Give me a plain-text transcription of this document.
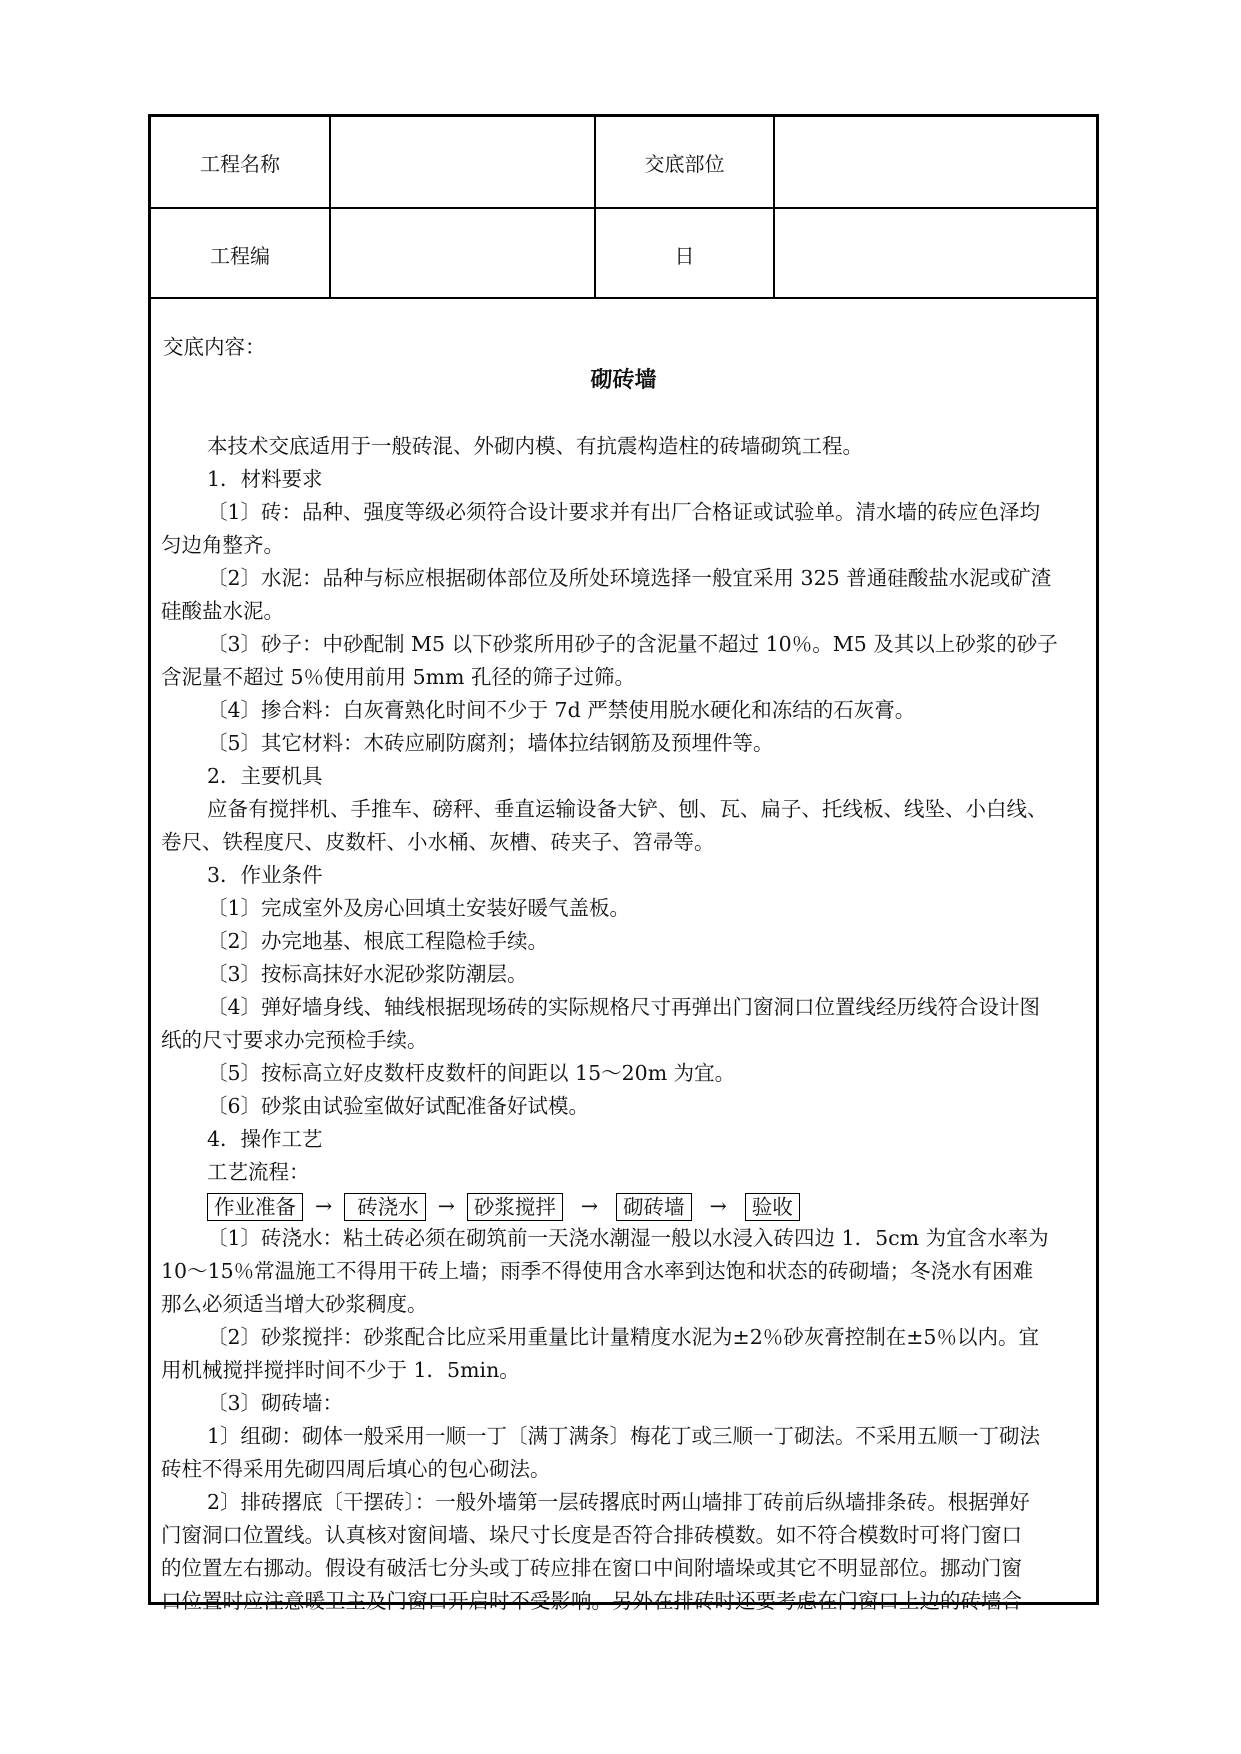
工程名称	交底部位
工程编	日
交底内容：
砌砖墙
本技术交底适用于一般砖混、外砌内模、有抗震构造柱的砖墙砌筑工程。
1．材料要求
〔1〕砖：品种、强度等级必须符合设计要求并有出厂合格证或试验单。清水墙的砖应色泽均
匀边角整齐。
〔2〕水泥：品种与标应根据砌体部位及所处环境选择一般宜采用 325 普通硅酸盐水泥或矿渣
硅酸盐水泥。
〔3〕砂子：中砂配制 M5 以下砂浆所用砂子的含泥量不超过 10％。M5 及其以上砂浆的砂子
含泥量不超过 5％使用前用 5mm 孔径的筛子过筛。
〔4〕掺合料：白灰膏熟化时间不少于 7d 严禁使用脱水硬化和冻结的石灰膏。
〔5〕其它材料：木砖应刷防腐剂；墙体拉结钢筋及预埋件等。
2．主要机具
应备有搅拌机、手推车、磅秤、垂直运输设备大铲、刨、瓦、扁子、托线板、线坠、小白线、
卷尺、铁程度尺、皮数杆、小水桶、灰槽、砖夹子、笤帚等。
3．作业条件
〔1〕完成室外及房心回填土安装好暖气盖板。
〔2〕办完地基、根底工程隐检手续。
〔3〕按标高抹好水泥砂浆防潮层。
〔4〕弹好墙身线、轴线根据现场砖的实际规格尺寸再弹出门窗洞口位置线经历线符合设计图
纸的尺寸要求办完预检手续。
〔5〕按标高立好皮数杆皮数杆的间距以 15～20m 为宜。
〔6〕砂浆由试验室做好试配准备好试模。
4．操作工艺
工艺流程：
作业准备 →	砖浇水 → 砂浆搅拌	→	砌砖墙	→	验收
〔1〕砖浇水：粘土砖必须在砌筑前一天浇水潮湿一般以水浸入砖四边 1．5cm 为宜含水率为
10～15％常温施工不得用干砖上墙；雨季不得使用含水率到达饱和状态的砖砌墙；冬浇水有困难
那么必须适当增大砂浆稠度。
〔2〕砂浆搅拌：砂浆配合比应采用重量比计量精度水泥为±2％砂灰膏控制在±5％以内。宜
用机械搅拌搅拌时间不少于 1．5min。
〔3〕砌砖墙：
1〕组砌：砌体一般采用一顺一丁〔满丁满条〕梅花丁或三顺一丁砌法。不采用五顺一丁砌法
砖柱不得采用先砌四周后填心的包心砌法。
2〕排砖撂底〔干摆砖〕：一般外墙第一层砖撂底时两山墙排丁砖前后纵墙排条砖。根据弹好
门窗洞口位置线。认真核对窗间墙、垛尺寸长度是否符合排砖模数。如不符合模数时可将门窗口
的位置左右挪动。假设有破活七分头或丁砖应排在窗口中间附墙垛或其它不明显部位。挪动门窗
口位置时应注意暖卫主及门窗口开启时不受影响。另外在排砖时还要考虑在门窗口上边的砖墙合
